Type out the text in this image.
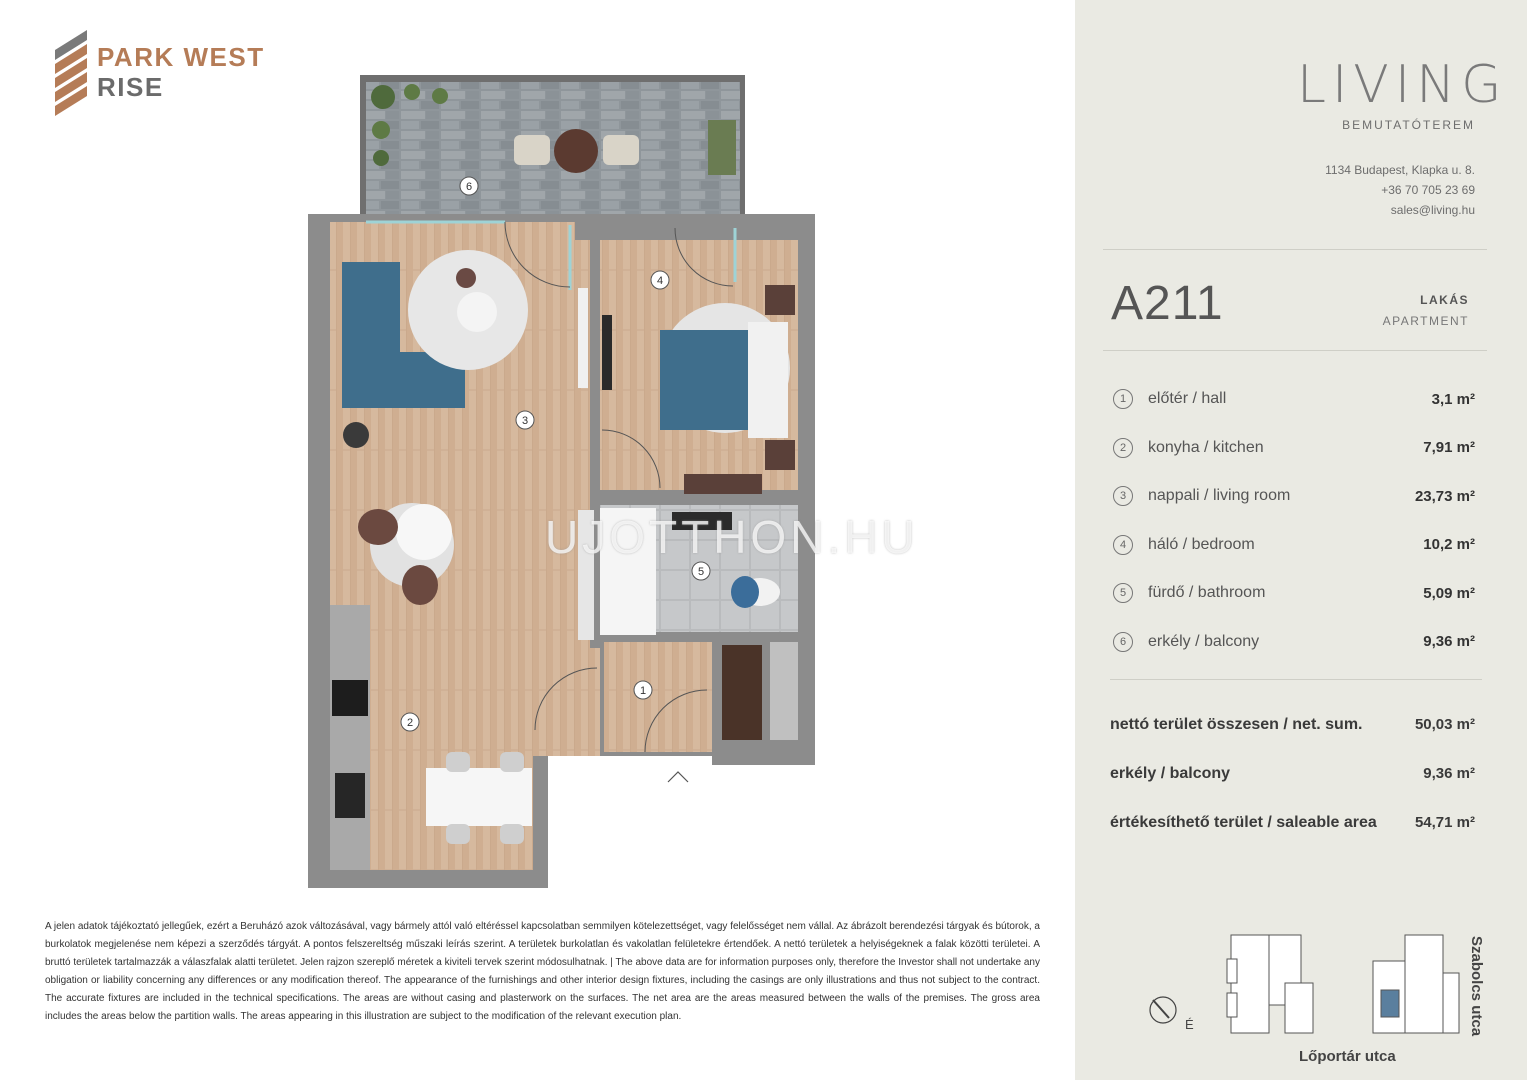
PARK WEST
RISE
6
4
3
5
1
2
UJOTTHON.HU
A jelen adatok tájékoztató jellegűek, ezért a Beruházó azok változásával, vagy bármely attól való eltéréssel kapcsolatban semmilyen kötelezettséget, vagy felelősséget nem vállal. Az ábrázolt berendezési tárgyak és bútorok, a burkolatok megjelenése nem képezi a szerződés tárgyát. A pontos felszereltség műszaki leírás szerint. A területek burkolatlan és vakolatlan felületekre értendőek. A nettó területek a helyiségeknek a falak közötti területei. A bruttó területek tartalmazzák a válaszfalak alatti területet. Jelen rajzon szereplő méretek a kiviteli tervek szerint módosulhatnak. | The above data are for information purposes only, therefore the Investor shall not undertake any obligation or liability concerning any differences or any modification thereof. The appearance of the furnishings and other interior design fixtures, including the casings are only illustrations and thus not subject to the contract. The accurate fixtures are included in the technical specifications. The areas are without casing and plasterwork on the surfaces. The net area are the areas measured between the walls of the premises. The gross area includes the areas below the partition walls. The areas appearing in this illustration are subject to the modification of the relevant execution plan.
LIVING
BEMUTATÓTEREM
1134 Budapest, Klapka u. 8.
+36 70 705 23 69
sales@living.hu
A211	LAKÁS
APARTMENT
1	előtér / hall	3,1 m²
2	konyha / kitchen	7,91 m²
3	nappali / living room	23,73 m²
4	háló / bedroom	10,2 m²
5	fürdő / bathroom	5,09 m²
6	erkély / balcony	9,36 m²
nettó terület összesen / net. sum.	50,03 m²
erkély / balcony	9,36 m²
értékesíthető terület / saleable area	54,71 m²
É
Lőportár utca
Szabolcs utca
